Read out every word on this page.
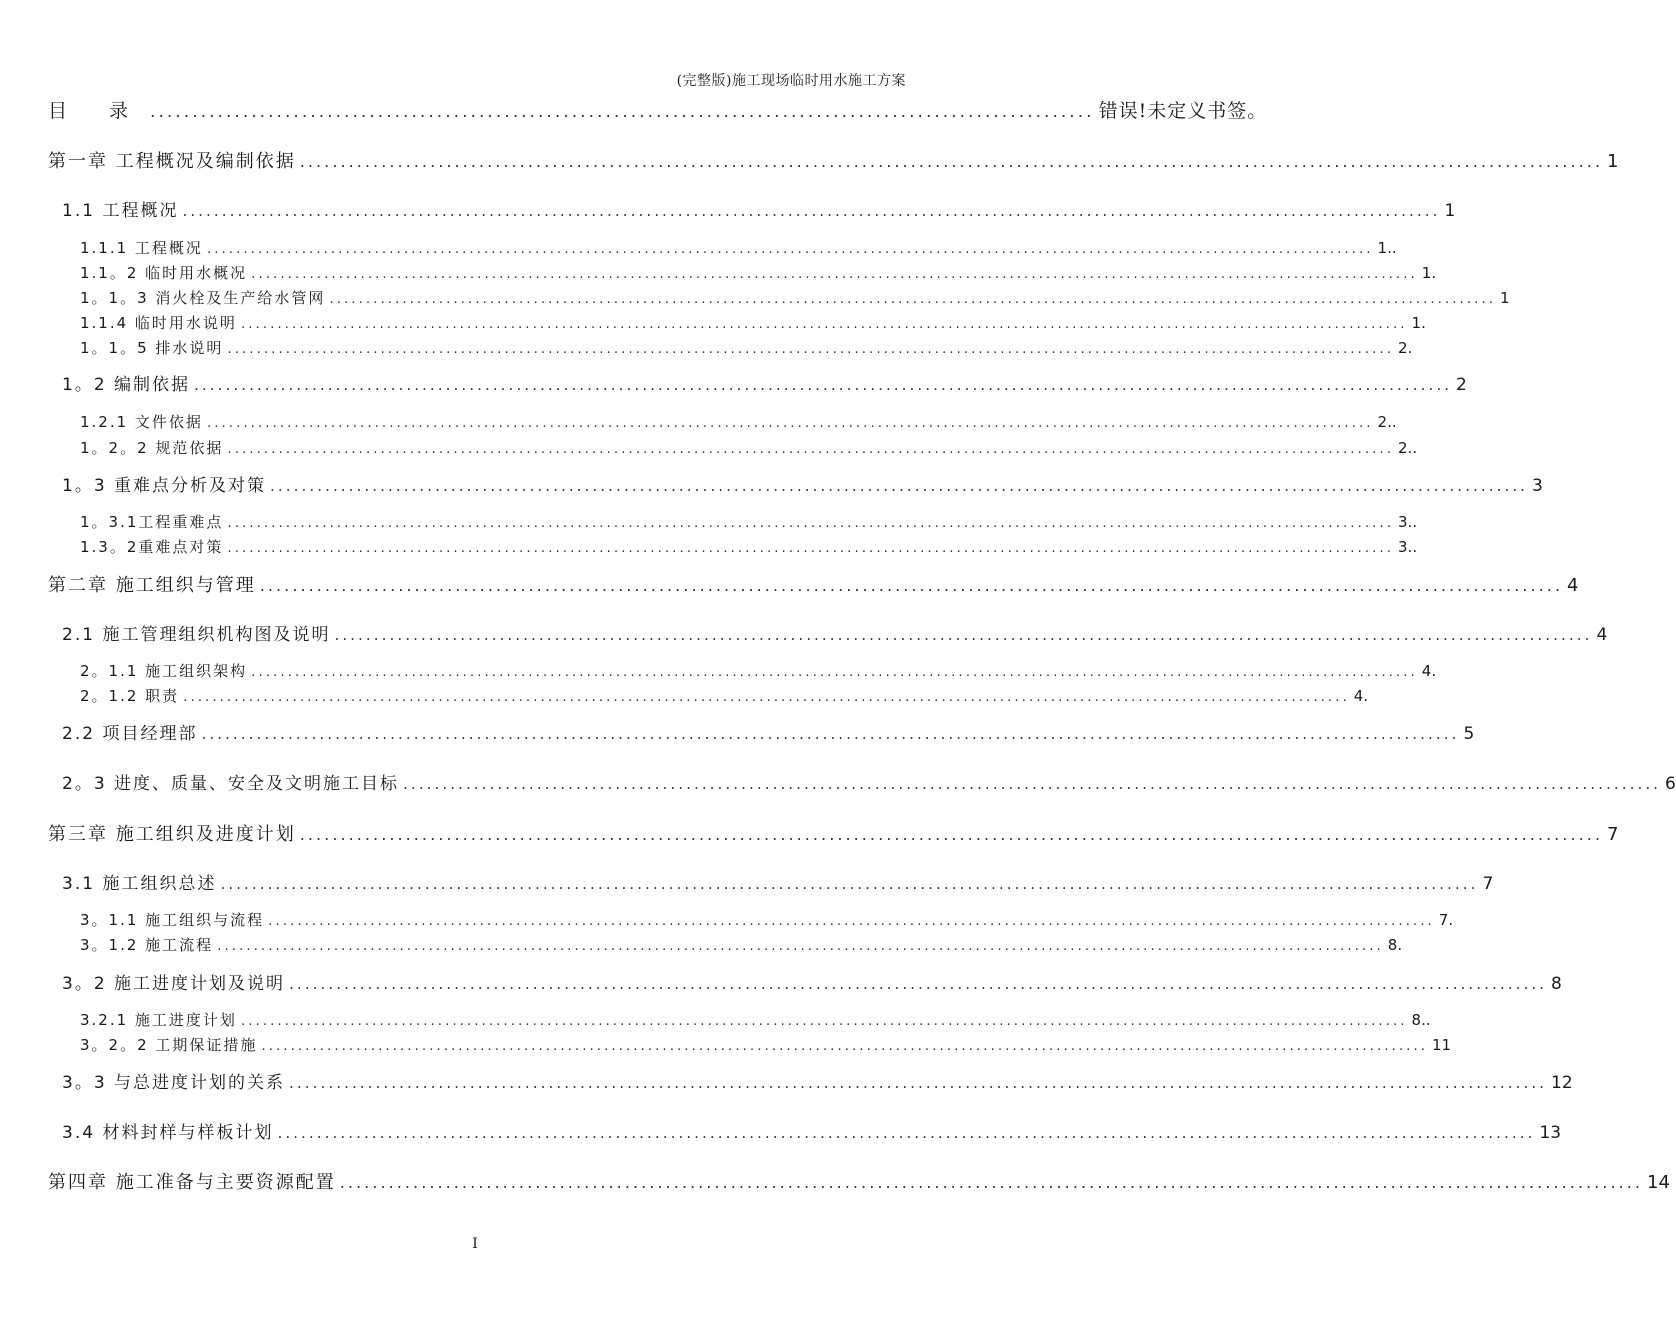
(完整版)施工现场临时用水施工方案
目 录 ................................................................................................................ 错误!未定义书签。
第一章 工程概况及编制依据 ................................................................................................................................................................ 1
1.1 工程概况 ................................................................................................................................................................ 1
1.1.1 工程概况 ................................................................................................................................................................ 1..
1.1。2 临时用水概况 ................................................................................................................................................................ 1.
1。1。3 消火栓及生产给水管网 ................................................................................................................................................................ 1
1.1.4 临时用水说明 ................................................................................................................................................................ 1.
1。1。5 排水说明 ................................................................................................................................................................ 2.
1。2 编制依据 ................................................................................................................................................................ 2
1.2.1 文件依据 ................................................................................................................................................................ 2..
1。2。2 规范依据 ................................................................................................................................................................ 2..
1。3 重难点分析及对策 ................................................................................................................................................................ 3
1。3.1工程重难点 ................................................................................................................................................................ 3..
1.3。2重难点对策 ................................................................................................................................................................ 3..
第二章 施工组织与管理 ................................................................................................................................................................ 4
2.1 施工管理组织机构图及说明 ................................................................................................................................................................ 4
2。1.1 施工组织架构 ................................................................................................................................................................ 4.
2。1.2 职责 ................................................................................................................................................................ 4.
2.2 项目经理部 ................................................................................................................................................................ 5
2。3 进度、质量、安全及文明施工目标 ................................................................................................................................................................ 6
第三章 施工组织及进度计划 ................................................................................................................................................................ 7
3.1 施工组织总述 ................................................................................................................................................................ 7
3。1.1 施工组织与流程 ................................................................................................................................................................ 7.
3。1.2 施工流程 ................................................................................................................................................................ 8.
3。2 施工进度计划及说明 ................................................................................................................................................................ 8
3.2.1 施工进度计划 ................................................................................................................................................................ 8..
3。2。2 工期保证措施 ................................................................................................................................................................ 11
3。3 与总进度计划的关系 ................................................................................................................................................................ 12
3.4 材料封样与样板计划 ................................................................................................................................................................ 13
第四章 施工准备与主要资源配置 ................................................................................................................................................................ 14
I
